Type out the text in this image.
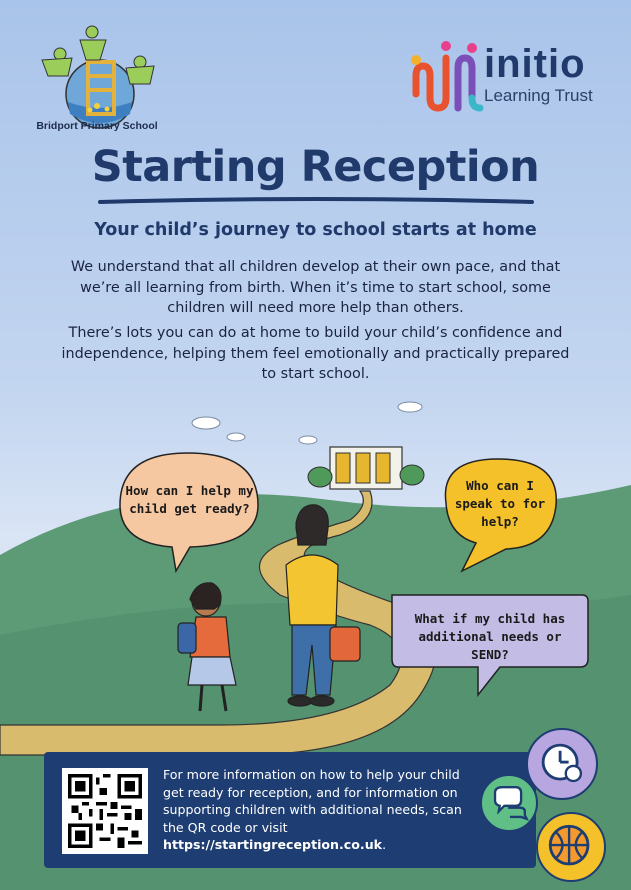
Bridport Primary School
initio
Learning Trust
Starting Reception
Your child’s journey to school starts at home

We understand that all children develop at their own pace, and that we’re all learning from birth. When it’s time to start school, some children will need more help than others.

There’s lots you can do at home to build your child’s confidence and independence, helping them feel emotionally and practically prepared to start school.

How can I help my child get ready?
Who can I speak to for help?
What if my child has additional needs or SEND?

For more information on how to help your child get ready for reception, and for information on supporting children with additional needs, scan the QR code or visit https://startingreception.co.uk.
